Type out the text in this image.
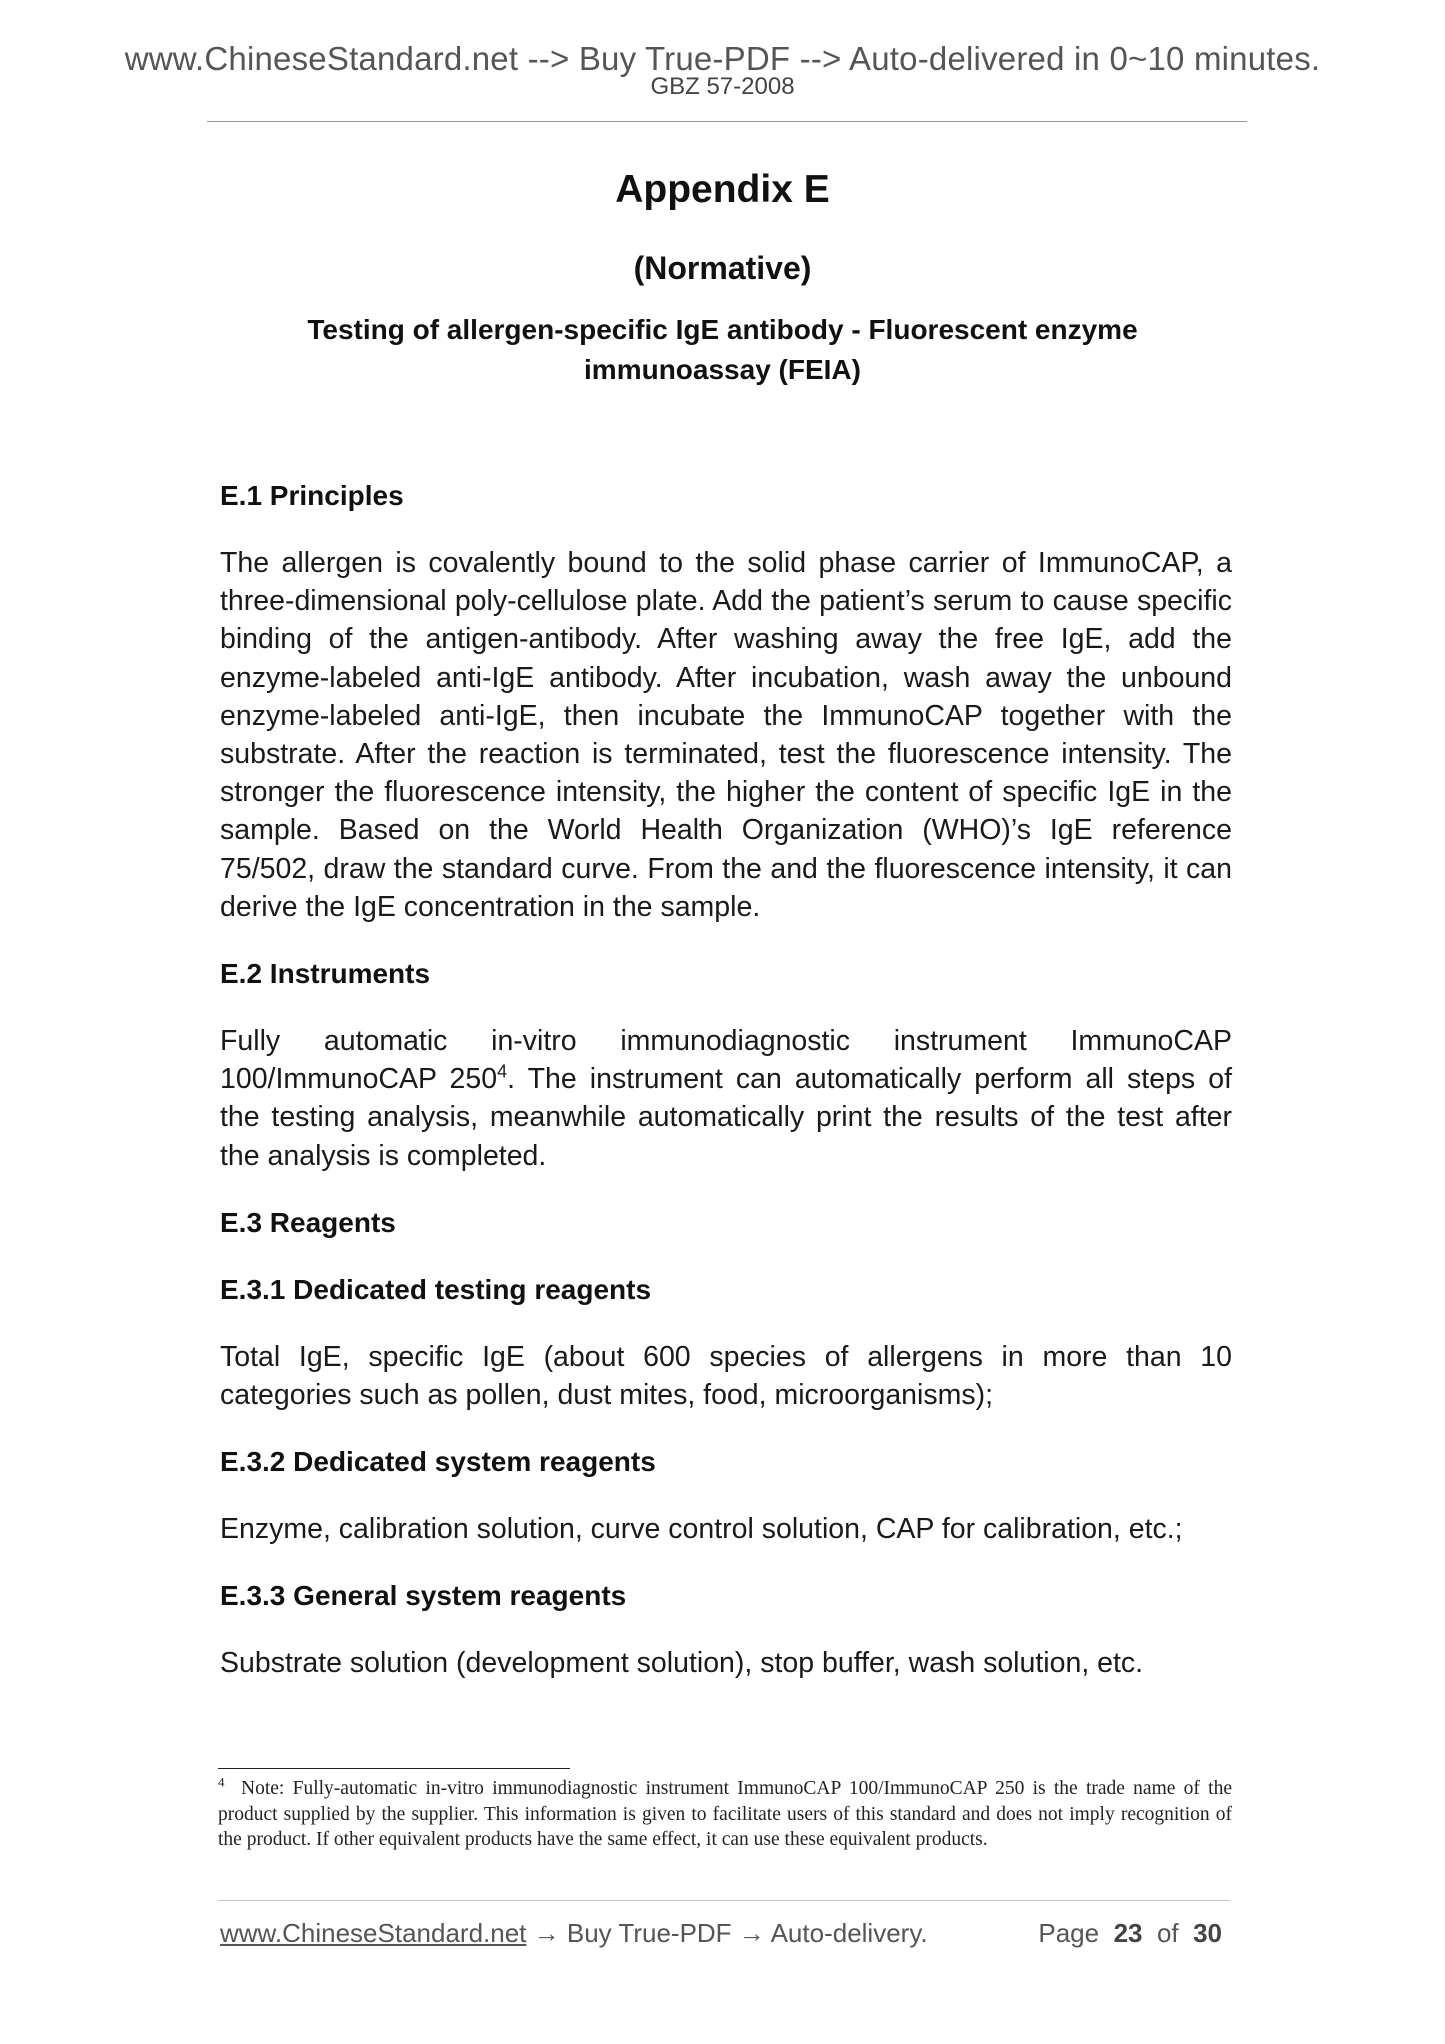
www.ChineseStandard.net --> Buy True-PDF --> Auto-delivered in 0~10 minutes.
GBZ 57-2008
Appendix E
(Normative)
Testing of allergen-specific IgE antibody - Fluorescent enzyme immunoassay (FEIA)
E.1 Principles

The allergen is covalently bound to the solid phase carrier of ImmunoCAP, a three-dimensional poly-cellulose plate. Add the patient’s serum to cause specific binding of the antigen-antibody. After washing away the free IgE, add the enzyme-labeled anti-IgE antibody. After incubation, wash away the unbound enzyme-labeled anti-IgE, then incubate the ImmunoCAP together with the substrate. After the reaction is terminated, test the fluorescence intensity. The stronger the fluorescence intensity, the higher the content of specific IgE in the sample. Based on the World Health Organization (WHO)’s IgE reference 75/502, draw the standard curve. From the and the fluorescence intensity, it can derive the IgE concentration in the sample.

E.2 Instruments

Fully automatic in-vitro immunodiagnostic instrument ImmunoCAP 100/ImmunoCAP $250^4$. The instrument can automatically perform all steps of the testing analysis, meanwhile automatically print the results of the test after the analysis is completed.

E.3 Reagents
E.3.1 Dedicated testing reagents

Total IgE, specific IgE (about 600 species of allergens in more than 10 categories such as pollen, dust mites, food, microorganisms);

E.3.2 Dedicated system reagents

Enzyme, calibration solution, curve control solution, CAP for calibration, etc.;

E.3.3 General system reagents

Substrate solution (development solution), stop buffer, wash solution, etc.

$^4$ Note: Fully-automatic in-vitro immunodiagnostic instrument ImmunoCAP 100/ImmunoCAP 250 is the trade name of the product supplied by the supplier. This information is given to facilitate users of this standard and does not imply recognition of the product. If other equivalent products have the same effect, it can use these equivalent products.
www.ChineseStandard.net → Buy True-PDF → Auto-delivery.	Page 23 of 30
